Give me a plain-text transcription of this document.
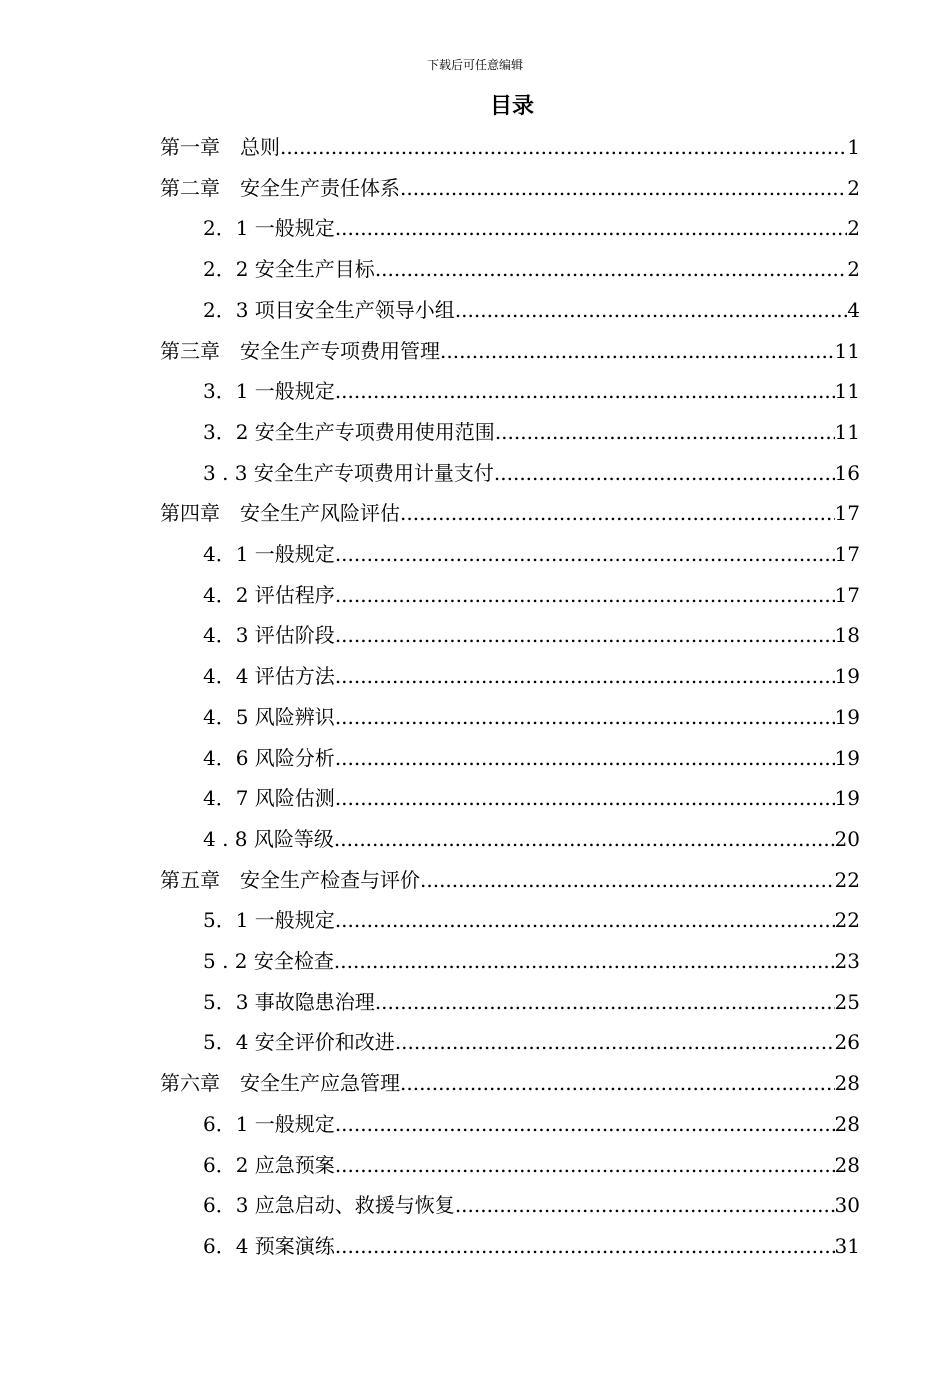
下载后可任意编辑
目录
第一章　总则 .....	1
第二章　安全生产责任体系 .....	2
2．1 一般规定 .....	2
2．2 安全生产目标 .....	2
2．3 项目安全生产领导小组 .....	4
第三章　安全生产专项费用管理 .....	11
3．1 一般规定 .....	11
3．2 安全生产专项费用使用范围 .....	11
3 . 3 安全生产专项费用计量支付 .....	16
第四章　安全生产风险评估 .....	17
4．1 一般规定 .....	17
4．2 评估程序 .....	17
4．3 评估阶段 .....	18
4．4 评估方法 .....	19
4．5 风险辨识 .....	19
4．6 风险分析 .....	19
4．7 风险估测 .....	19
4 . 8 风险等级 .....	20
第五章　安全生产检查与评价 .....	22
5．1 一般规定 .....	22
5 . 2 安全检查 .....	23
5．3 事故隐患治理 .....	25
5．4 安全评价和改进 .....	26
第六章　安全生产应急管理 .....	28
6．1 一般规定 .....	28
6．2 应急预案 .....	28
6．3 应急启动、救援与恢复 .....	30
6．4 预案演练 .....	31
